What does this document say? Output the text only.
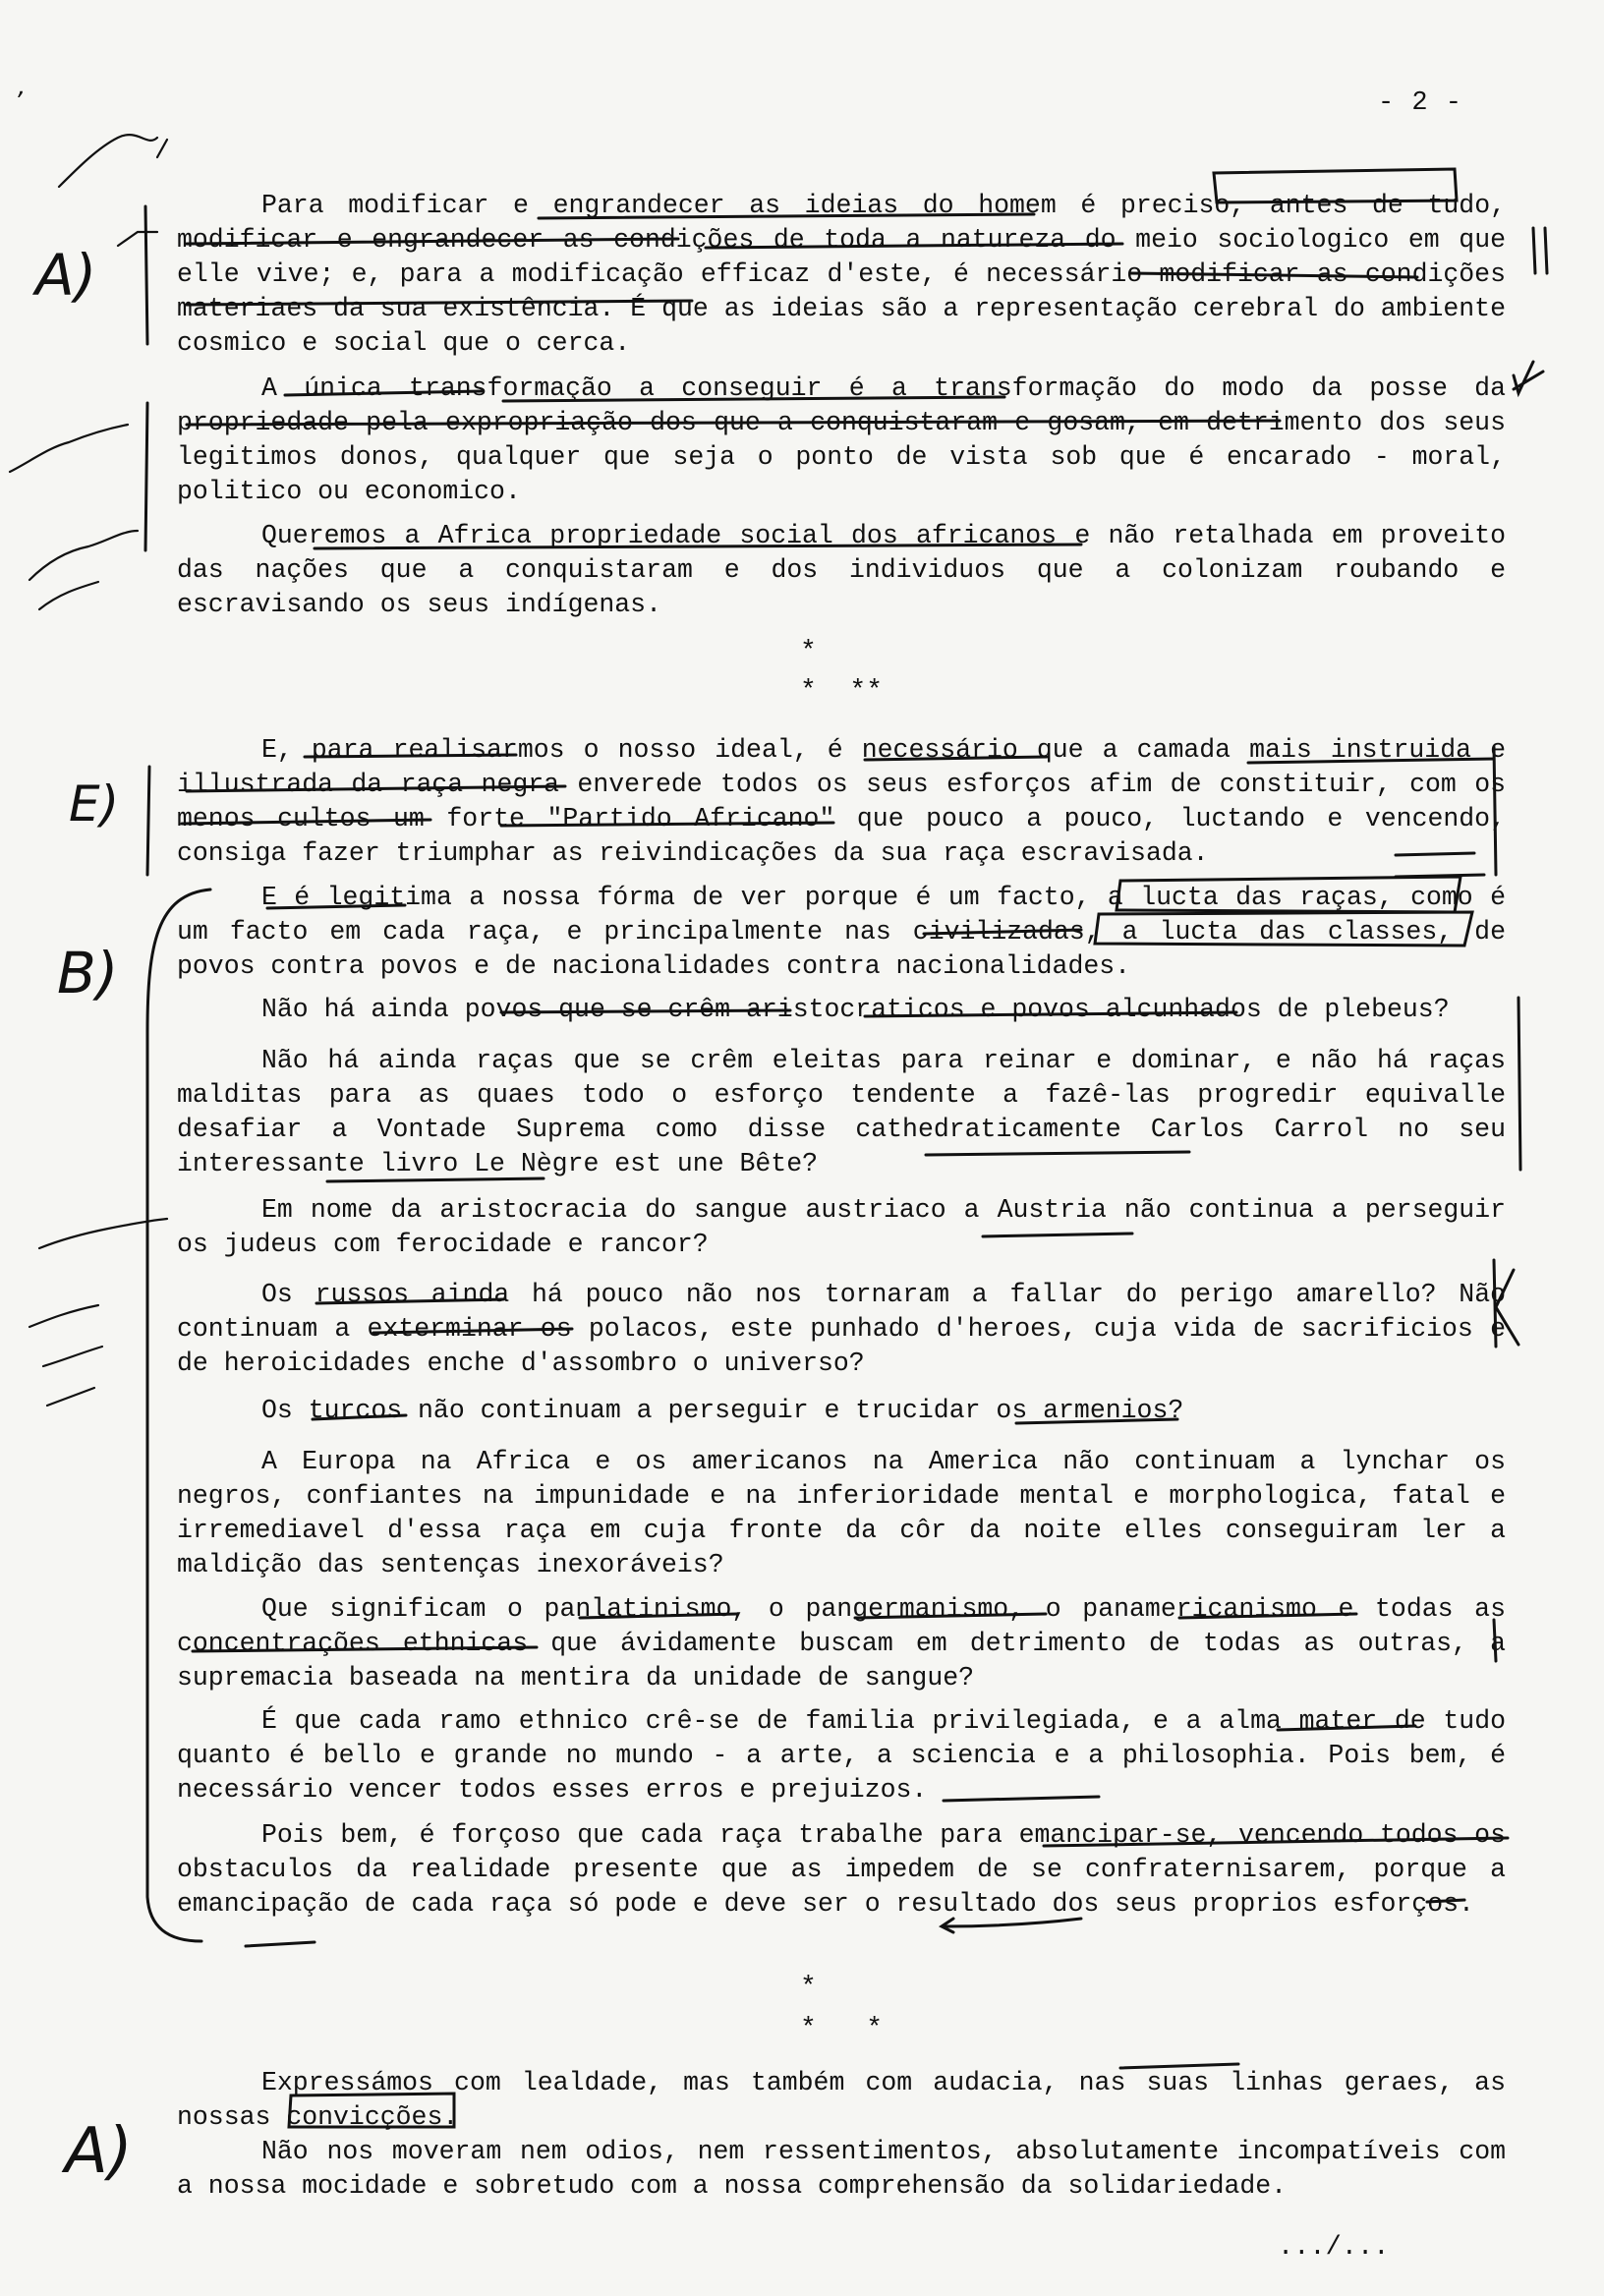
- 2 -

Para modificar e engrandecer as ideias do homem é preciso, antes de tudo, modificar e engrandecer as condições de toda a natureza do meio sociologico em que elle vive; e, para a modificação efficaz d'este, é necessário modificar as condições materiaes da sua existência. É que as ideias são a representação cerebral do ambiente cosmico e social que o cerca.

A única transformação a conseguir é a transformação do modo da posse da propriedade pela expropriação dos que a conquistaram e gosam, em detrimento dos seus legitimos donos, qualquer que seja o ponto de vista sob que é encarado - moral, politico ou economico.

Queremos a Africa propriedade social dos africanos e não retalhada em proveito das nações que a conquistaram e dos individuos que a colonizam roubando e escravisando os seus indígenas.

*
*  **

E, para realisarmos o nosso ideal, é necessário que a camada mais instruida e illustrada da raça negra enverede todos os seus esforços afim de constituir, com os menos cultos um forte "Partido Africano" que pouco a pouco, luctando e vencendo, consiga fazer triumphar as reivindicações da sua raça escravisada.

E é legitima a nossa fórma de ver porque é um facto, a lucta das raças, como é um facto em cada raça, e principalmente nas civilizadas, a lucta das classes, de povos contra povos e de nacionalidades contra nacionalidades.

Não há ainda povos que se crêm aristocraticos e povos alcunhados de plebeus?

Não há ainda raças que se crêm eleitas para reinar e dominar, e não há raças malditas para as quaes todo o esforço tendente a fazê-las progredir equivalle desafiar a Vontade Suprema como disse cathedraticamente Carlos Carrol no seu interessante livro Le Nègre est une Bête?

Em nome da aristocracia do sangue austriaco a Austria não continua a perseguir os judeus com ferocidade e rancor?

Os russos ainda há pouco não nos tornaram a fallar do perigo amarello? Não continuam a exterminar os polacos, este punhado d'heroes, cuja vida de sacrificios e de heroicidades enche d'assombro o universo?

Os turcos não continuam a perseguir e trucidar os armenios?

A Europa na Africa e os americanos na America não continuam a lynchar os negros, confiantes na impunidade e na inferioridade mental e morphologica, fatal e irremediavel d'essa raça em cuja fronte da côr da noite elles conseguiram ler a maldição das sentenças inexoráveis?

Que significam o panlatinismo, o pangermanismo, o panamericanismo e todas as concentrações ethnicas que ávidamente buscam em detrimento de todas as outras, a supremacia baseada na mentira da unidade de sangue?

É que cada ramo ethnico crê-se de familia privilegiada, e a alma mater de tudo quanto é bello e grande no mundo - a arte, a sciencia e a philosophia. Pois bem, é necessário vencer todos esses erros e prejuizos.

Pois bem, é forçoso que cada raça trabalhe para emancipar-se, vencendo todos os obstaculos da realidade presente que as impedem de se confraternisarem, porque a emancipação de cada raça só pode e deve ser o resultado dos seus proprios esforços.

*
*   *

Expressámos com lealdade, mas também com audacia, nas suas linhas geraes, as nossas convicções.

Não nos moveram nem odios, nem ressentimentos, absolutamente incompatíveis com a nossa mocidade e sobretudo com a nossa comprehensão da solidariedade.

.../...
A)
E)
B)
A)
,
